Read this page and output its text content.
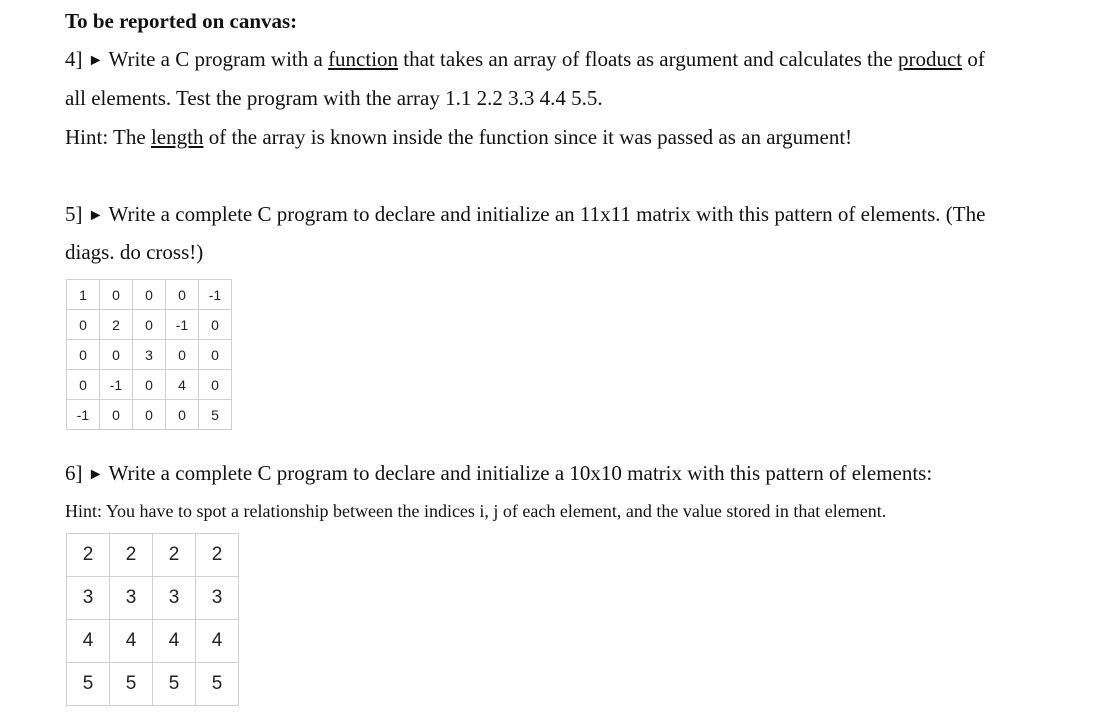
To be reported on canvas:
4] ► Write a C program with a function that takes an array of floats as argument and calculates the product of
all elements. Test the program with the array 1.1 2.2 3.3 4.4 5.5.
Hint: The length of the array is known inside the function since it was passed as an argument!
5] ► Write a complete C program to declare and initialize an 11x11 matrix with this pattern of elements. (The
diags. do cross!)
1	0	0	0	-1
0	2	0	-1	0
0	0	3	0	0
0	-1	0	4	0
-1	0	0	0	5
6] ► Write a complete C program to declare and initialize a 10x10 matrix with this pattern of elements:
Hint: You have to spot a relationship between the indices i, j of each element, and the value stored in that element.
2	2	2	2
3	3	3	3
4	4	4	4
5	5	5	5
